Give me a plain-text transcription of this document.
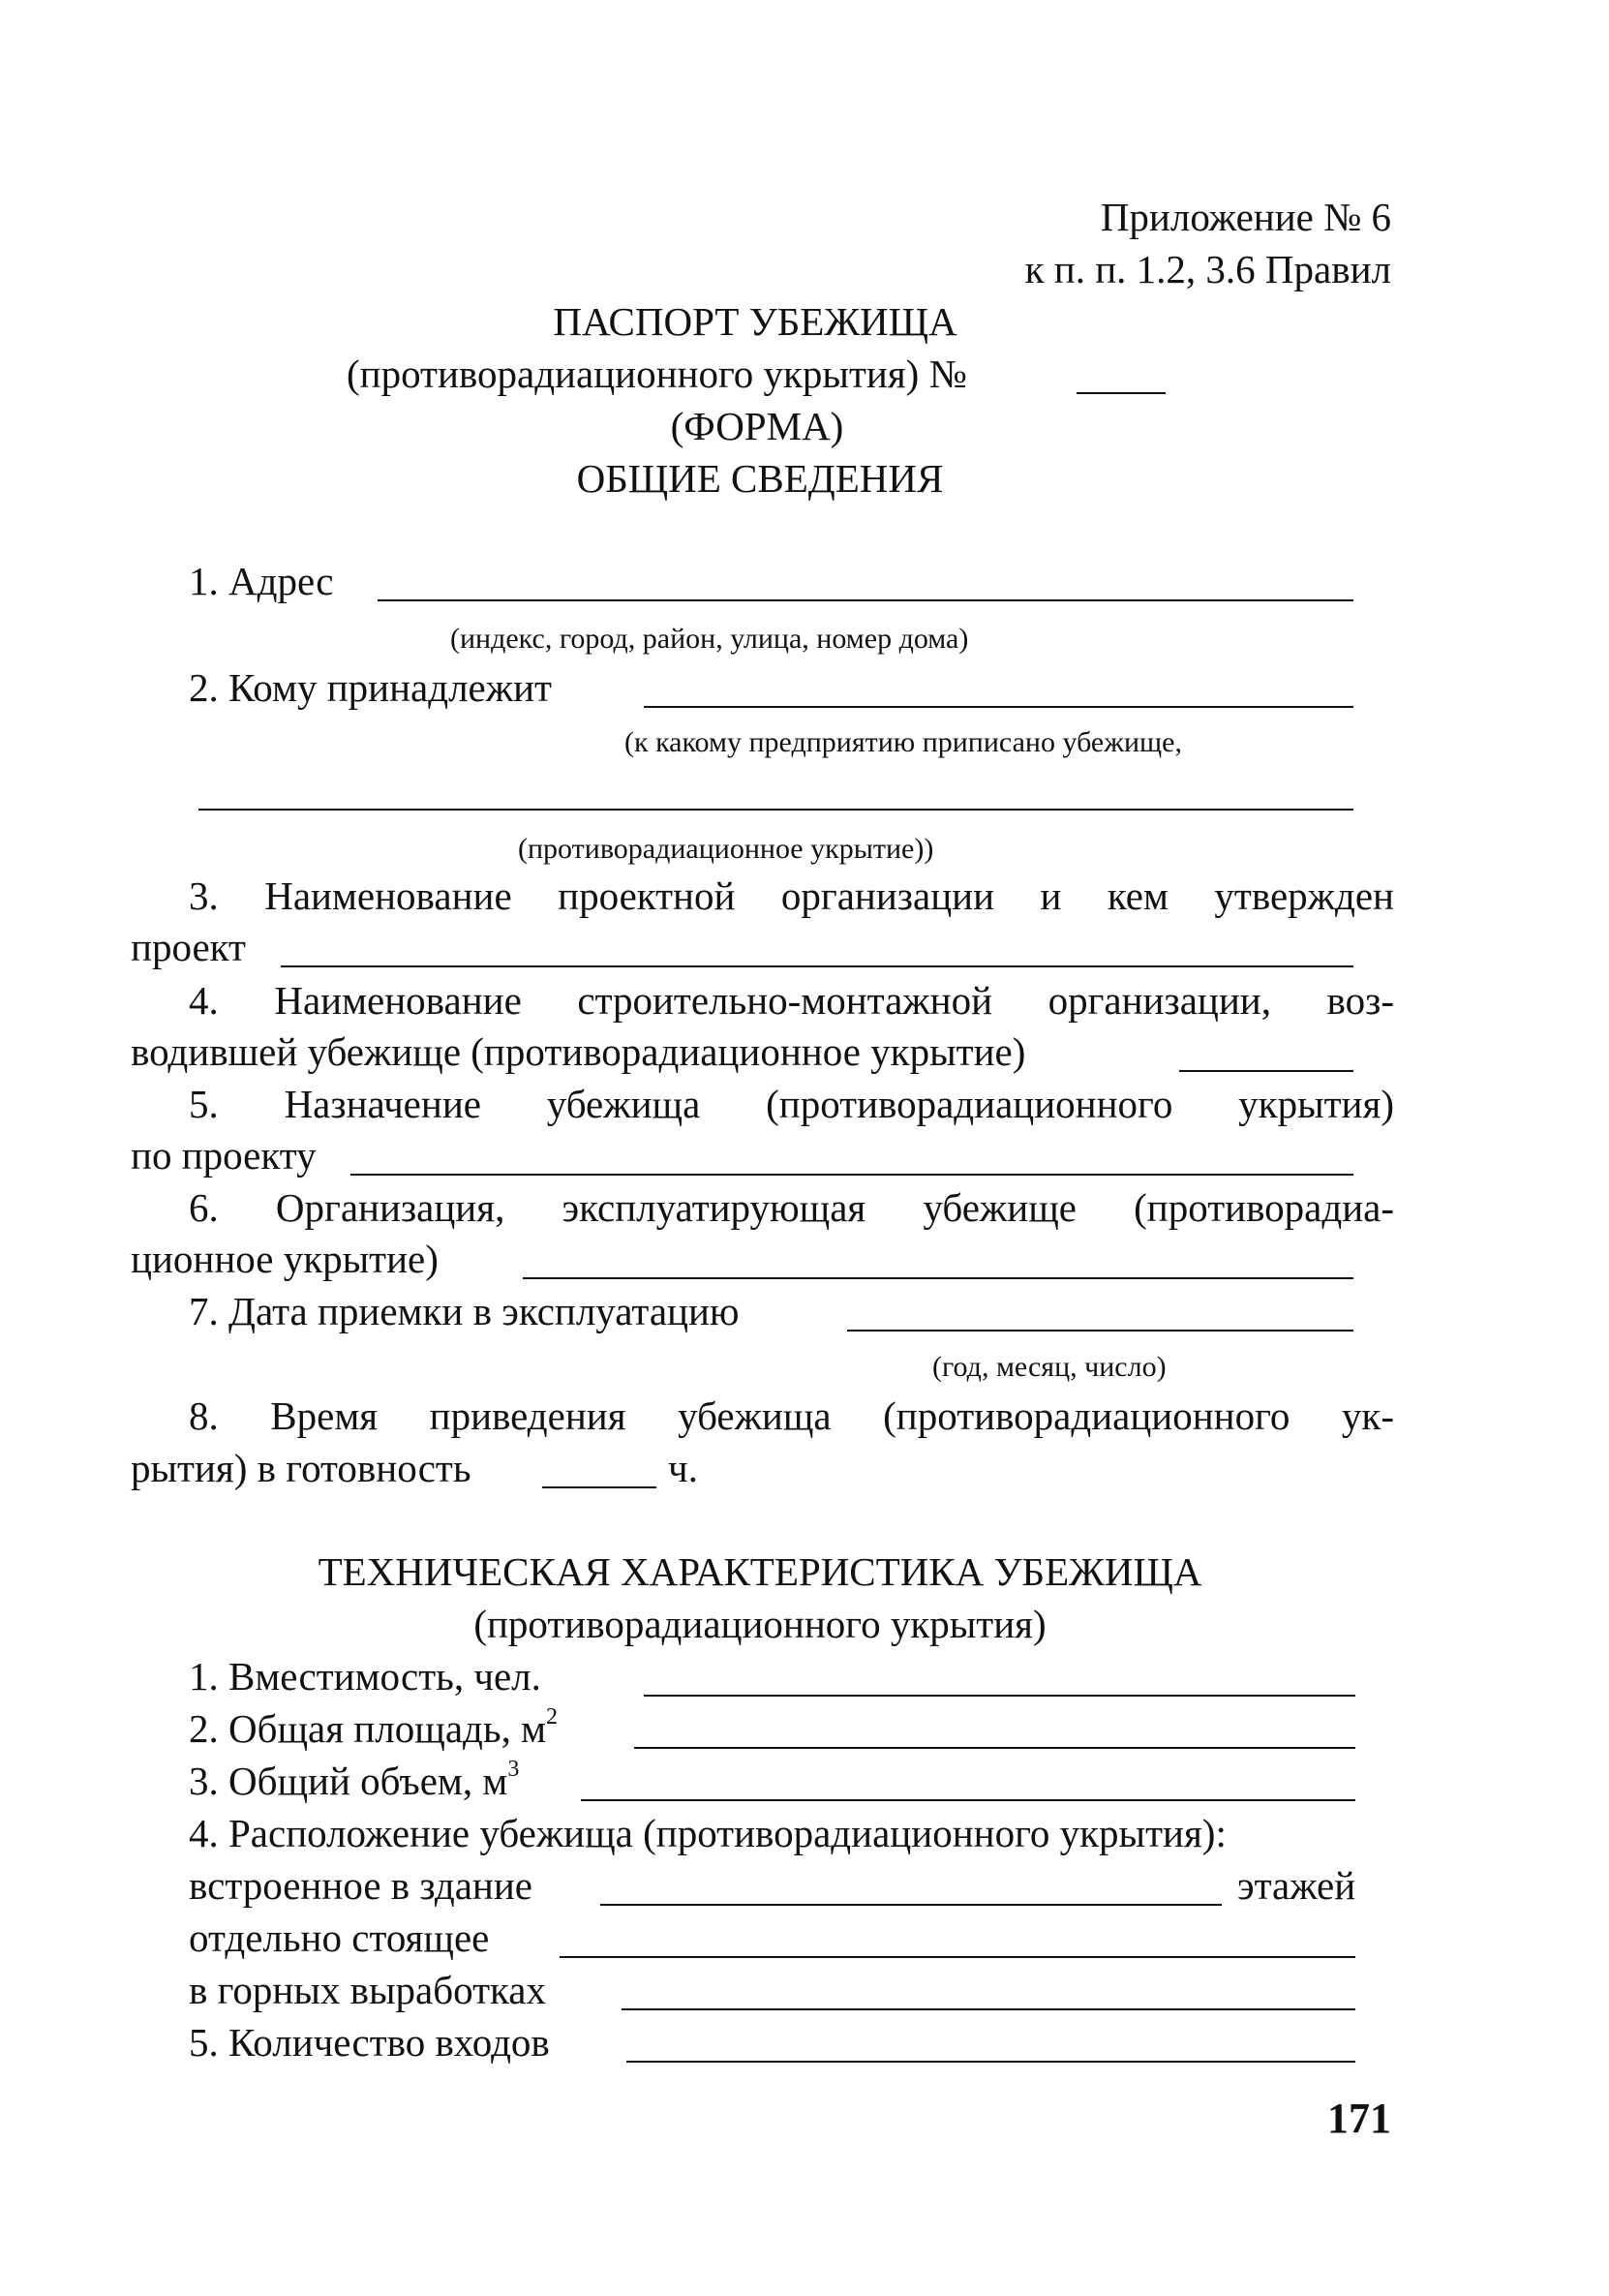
Приложение № 6
к п. п. 1.2, 3.6 Правил
ПАСПОРТ УБЕЖИЩА
(противорадиационного укрытия) №
(ФОРМА)
ОБЩИЕ СВЕДЕНИЯ
1. Адрес
(индекс, город, район, улица, номер дома)
2. Кому принадлежит
(к какому предприятию приписано убежище,
(противорадиационное укрытие))
3. Наименование проектной организации и кем утвержден
проект
4. Наименование строительно-монтажной организации, воз-
водившей убежище (противорадиационное укрытие)
5. Назначение убежища (противорадиационного укрытия)
по проекту
6. Организация, эксплуатирующая убежище (противорадиа-
ционное укрытие)
7. Дата приемки в эксплуатацию
(год, месяц, число)
8. Время приведения убежища (противорадиационного ук-
рытия) в готовность	ч.
ТЕХНИЧЕСКАЯ ХАРАКТЕРИСТИКА УБЕЖИЩА
(противорадиационного укрытия)
1. Вместимость, чел.
2. Общая площадь, $м^2$
3. Общий объем, $м^3$
4. Расположение убежища (противорадиационного укрытия):
встроенное в здание	этажей
отдельно стоящее
в горных выработках
5. Количество входов
171
